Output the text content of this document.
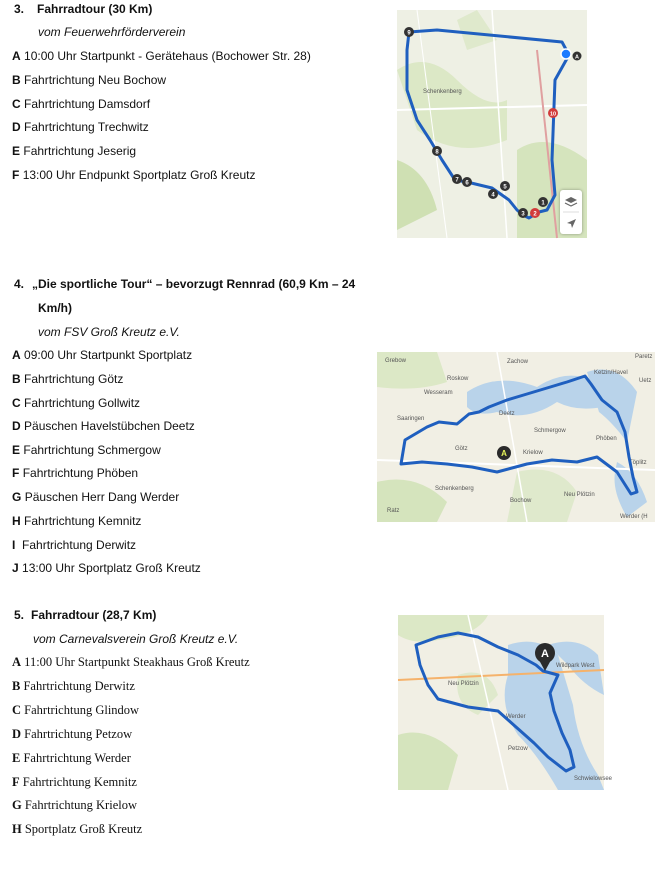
3. Fahrradtour (30 Km)
vom Feuerwehrförderverein
A 10:00 Uhr Startpunkt - Gerätehaus (Bochower Str. 28)
B Fahrtrichtung Neu Bochow
C Fahrtrichtung Damsdorf
D Fahrtrichtung Trechwitz
E Fahrtrichtung Jeserig
F 13:00 Uhr Endpunkt Sportplatz Groß Kreutz
Schenkenberg
9
8
7 6
5
4
3 2
1
10
A
4. „Die sportliche Tour“ – bevorzugt Rennrad (60,9 Km – 24
Km/h)
vom FSV Groß Kreutz e.V.
A 09:00 Uhr Startpunkt Sportplatz
B Fahrtrichtung Götz
C Fahrtrichtung Gollwitz
D Päuschen Havelstübchen Deetz
E Fahrtrichtung Schmergow
F Fahrtrichtung Phöben
G Päuschen Herr Dang Werder
H Fahrtrichtung Kemnitz
I Fahrtrichtung Derwitz
J 13:00 Uhr Sportplatz Groß Kreutz
Grebow	Zachow
Paretz
Roskow
Ketzin/Havel
Wesseram
Saaringen
Deetz
Schmergow
Götz
Krielow
Phöben
Schenkenberg
Bochow
Neu Plötzin
Werder (H
Töplitz
Uetz
Ratz
A
5. Fahrradtour (28,7 Km)
vom Carnevalsverein Groß Kreutz e.V.
A 11:00 Uhr Startpunkt Steakhaus Groß Kreutz
B Fahrtrichtung Derwitz
C Fahrtrichtung Glindow
D Fahrtrichtung Petzow
E Fahrtrichtung Werder
F Fahrtrichtung Kemnitz
G Fahrtrichtung Krielow
H Sportplatz Groß Kreutz
Neu Plötzin
Werder
Petzow
Wildpark West
Schwielowsee
A
